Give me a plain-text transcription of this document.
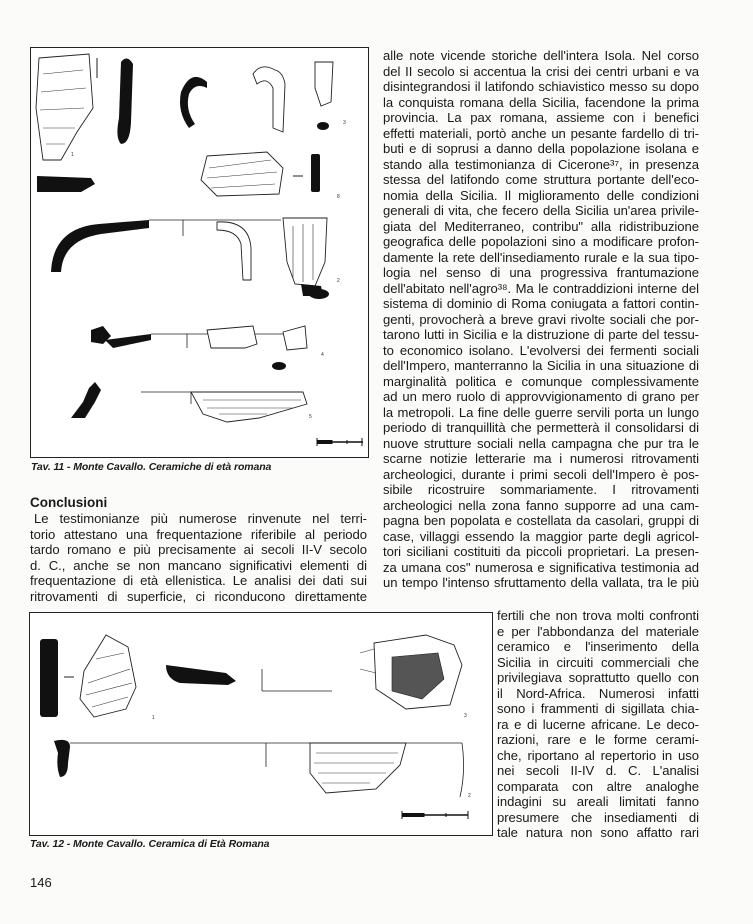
3
1
8
2
4
5
Tav. 11 - Monte Cavallo. Ceramiche di età romana
Conclusioni
Le testimonianze più numerose rinvenute nel terri-
torio attestano una frequentazione riferibile al periodo
tardo romano e più precisamente ai secoli II-V secolo
d. C., anche se non mancano significativi elementi di
frequentazione di età ellenistica. Le analisi dei dati sui
ritrovamenti di superficie, ci riconducono direttamente
alle note vicende storiche dell'intera Isola. Nel corso
del II secolo si accentua la crisi dei centri urbani e va
disintegrandosi il latifondo schiavistico messo su dopo
la conquista romana della Sicilia, facendone la prima
provincia. La pax romana, assieme con i benefici
effetti materiali, portò anche un pesante fardello di tri-
buti e di soprusi a danno della popolazione isolana e
stando alla testimonianza di Cicerone³⁷, in presenza
stessa del latifondo come struttura portante dell'eco-
nomia della Sicilia. Il miglioramento delle condizioni
generali di vita, che fecero della Sicilia un'area privile-
giata del Mediterraneo, contribu" alla ridistribuzione
geografica delle popolazioni sino a modificare profon-
damente la rete dell'insediamento rurale e la sua tipo-
logia nel senso di una progressiva frantumazione
dell'abitato nell'agro³⁸. Ma le contraddizioni interne del
sistema di dominio di Roma coniugata a fattori contin-
genti, provocherà a breve gravi rivolte sociali che por-
tarono lutti in Sicilia e la distruzione di parte del tessu-
to economico isolano. L'evolversi dei fermenti sociali
dell'Impero, manterranno la Sicilia in una situazione di
marginalità politica e comunque complessivamente
ad un mero ruolo di approvvigionamento di grano per
la metropoli. La fine delle guerre servili porta un lungo
periodo di tranquillità che permetterà il consolidarsi di
nuove strutture sociali nella campagna che pur tra le
scarne notizie letterarie ma i numerosi ritrovamenti
archeologici, durante i primi secoli dell'Impero è pos-
sibile ricostruire sommariamente. I ritrovamenti
archeologici nella zona fanno supporre ad una cam-
pagna ben popolata e costellata da casolari, gruppi di
case, villaggi essendo la maggior parte degli agricol-
tori siciliani costituiti da piccoli proprietari. La presen-
za umana cos" numerosa e significativa testimonia ad
un tempo l'intenso sfruttamento della vallata, tra le più
1	3
2
fertili che non trova molti confronti
e per l'abbondanza del materiale
ceramico e l'inserimento della
Sicilia in circuiti commerciali che
privilegiava soprattutto quello con
il Nord-Africa. Numerosi infatti
sono i frammenti di sigillata chia-
ra e di lucerne africane. Le deco-
razioni, rare e le forme cerami-
che, riportano al repertorio in uso
nei secoli II-IV d. C. L'analisi
comparata con altre analoghe
indagini su areali limitati fanno
presumere che insediamenti di
tale natura non sono affatto rari
Tav. 12 - Monte Cavallo. Ceramica di Età Romana
146
